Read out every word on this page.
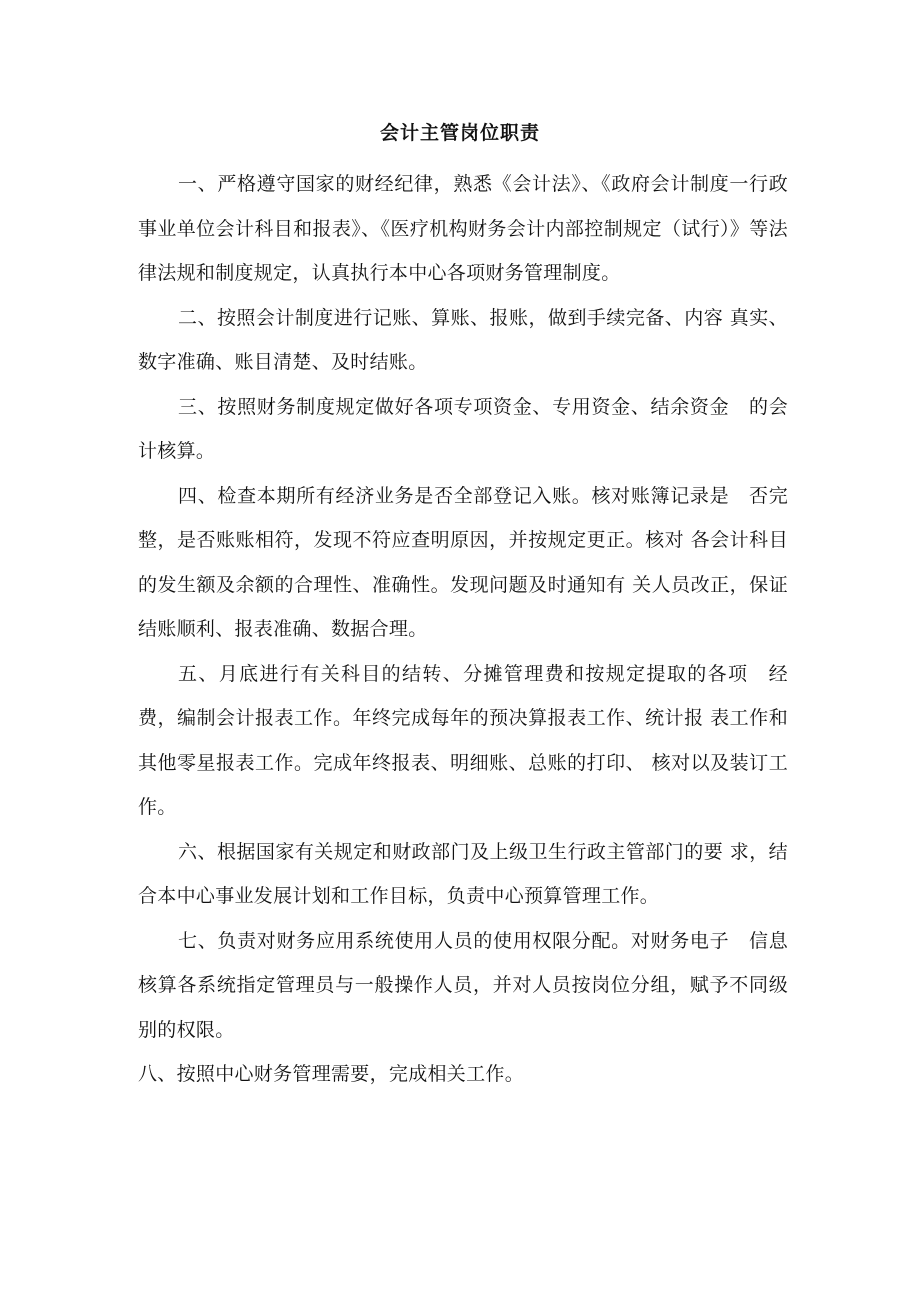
会计主管岗位职责

一、严格遵守国家的财经纪律，熟悉《会计法》、《政府会计制度一行政事业单位会计科目和报表》、《医疗机构财务会计内部控制规定（试行）》等法律法规和制度规定，认真执行本中心各项财务管理制度。

二、按照会计制度进行记账、算账、报账，做到手续完备、内容 真实、数字准确、账目清楚、及时结账。

三、按照财务制度规定做好各项专项资金、专用资金、结余资金　的会计核算。

四、检查本期所有经济业务是否全部登记入账。核对账簿记录是　否完整，是否账账相符，发现不符应查明原因，并按规定更正。核对 各会计科目的发生额及余额的合理性、准确性。发现问题及时通知有 关人员改正，保证结账顺利、报表准确、数据合理。

五、月底进行有关科目的结转、分摊管理费和按规定提取的各项　经费，编制会计报表工作。年终完成每年的预决算报表工作、统计报 表工作和其他零星报表工作。完成年终报表、明细账、总账的打印、 核对以及装订工作。

六、根据国家有关规定和财政部门及上级卫生行政主管部门的要 求，结合本中心事业发展计划和工作目标，负责中心预算管理工作。

七、负责对财务应用系统使用人员的使用权限分配。对财务电子　信息核算各系统指定管理员与一般操作人员，并对人员按岗位分组，赋予不同级别的权限。

八、按照中心财务管理需要，完成相关工作。
